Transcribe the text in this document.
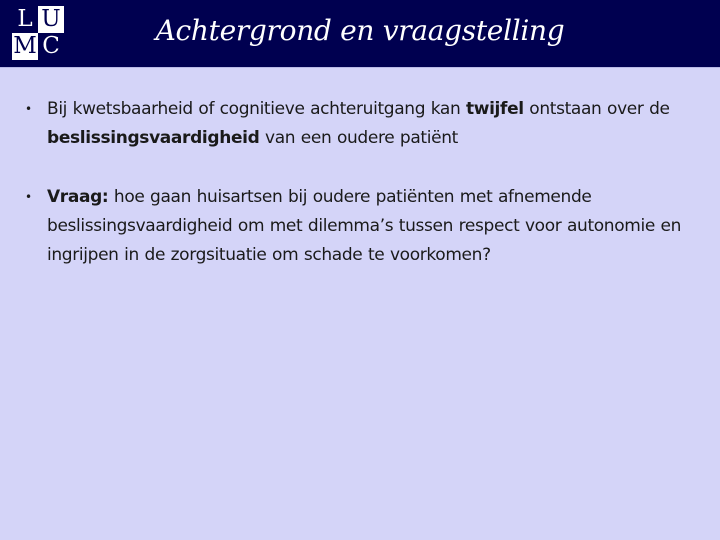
L U
M C	Achtergrond en vraagstelling
• Bij kwetsbaarheid of cognitieve achteruitgang kan twijfel ontstaan over de beslissingsvaardigheid van een oudere patiënt
• Vraag: hoe gaan huisartsen bij oudere patiënten met afnemende beslissingsvaardigheid om met dilemma’s tussen respect voor autonomie en ingrijpen in de zorgsituatie om schade te voorkomen?
